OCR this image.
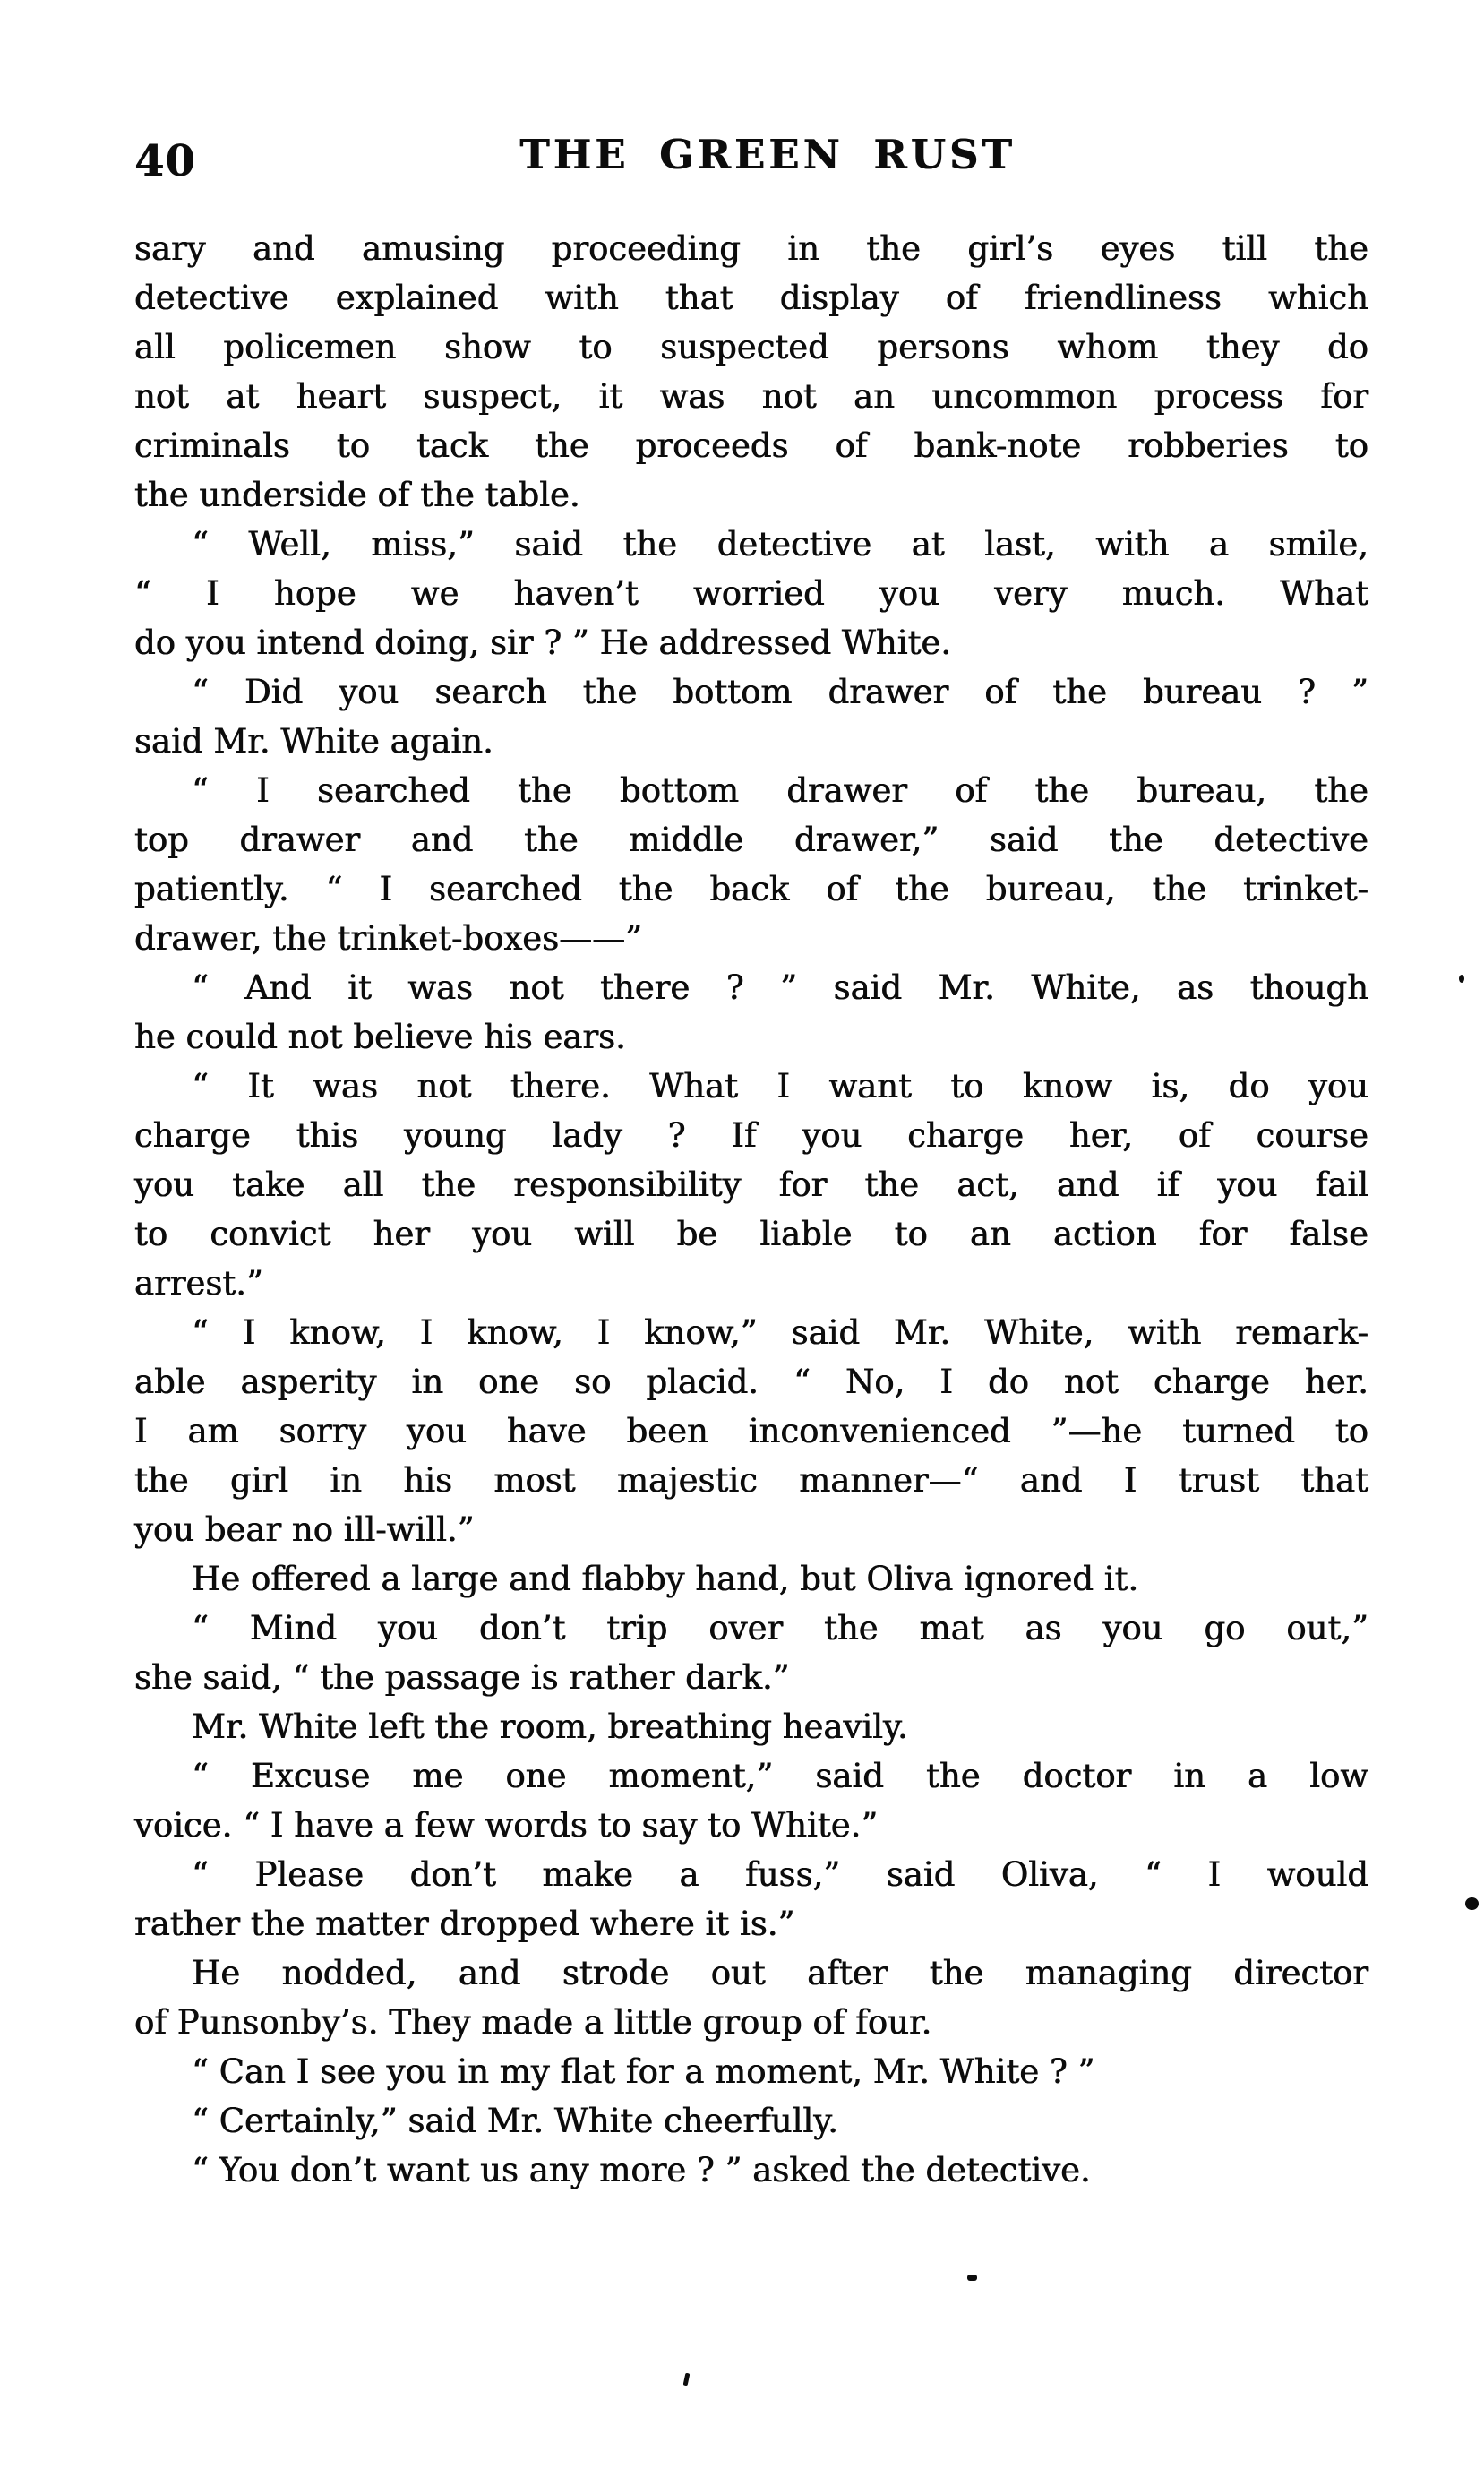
40	THE GREEN RUST
sary and amusing proceeding in the girl’s eyes till the
detective explained with that display of friendliness which
all policemen show to suspected persons whom they do
not at heart suspect, it was not an uncommon process for
criminals to tack the proceeds of bank-note robberies to
the underside of the table.
“ Well, miss,” said the detective at last, with a smile,
“ I hope we haven’t worried you very much. What
do you intend doing, sir ? ” He addressed White.
“ Did you search the bottom drawer of the bureau ? ”
said Mr. White again.
“ I searched the bottom drawer of the bureau, the
top drawer and the middle drawer,” said the detective
patiently. “ I searched the back of the bureau, the trinket-
drawer, the trinket-boxes——”
“ And it was not there ? ” said Mr. White, as though
he could not believe his ears.
“ It was not there. What I want to know is, do you
charge this young lady ? If you charge her, of course
you take all the responsibility for the act, and if you fail
to convict her you will be liable to an action for false
arrest.”
“ I know, I know, I know,” said Mr. White, with remark-
able asperity in one so placid. “ No, I do not charge her.
I am sorry you have been inconvenienced ”—he turned to
the girl in his most majestic manner—“ and I trust that
you bear no ill-will.”
He offered a large and flabby hand, but Oliva ignored it.
“ Mind you don’t trip over the mat as you go out,”
she said, “ the passage is rather dark.”
Mr. White left the room, breathing heavily.
“ Excuse me one moment,” said the doctor in a low
voice. “ I have a few words to say to White.”
“ Please don’t make a fuss,” said Oliva, “ I would
rather the matter dropped where it is.”
He nodded, and strode out after the managing director
of Punsonby’s. They made a little group of four.
“ Can I see you in my flat for a moment, Mr. White ? ”
“ Certainly,” said Mr. White cheerfully.
“ You don’t want us any more ? ” asked the detective.
